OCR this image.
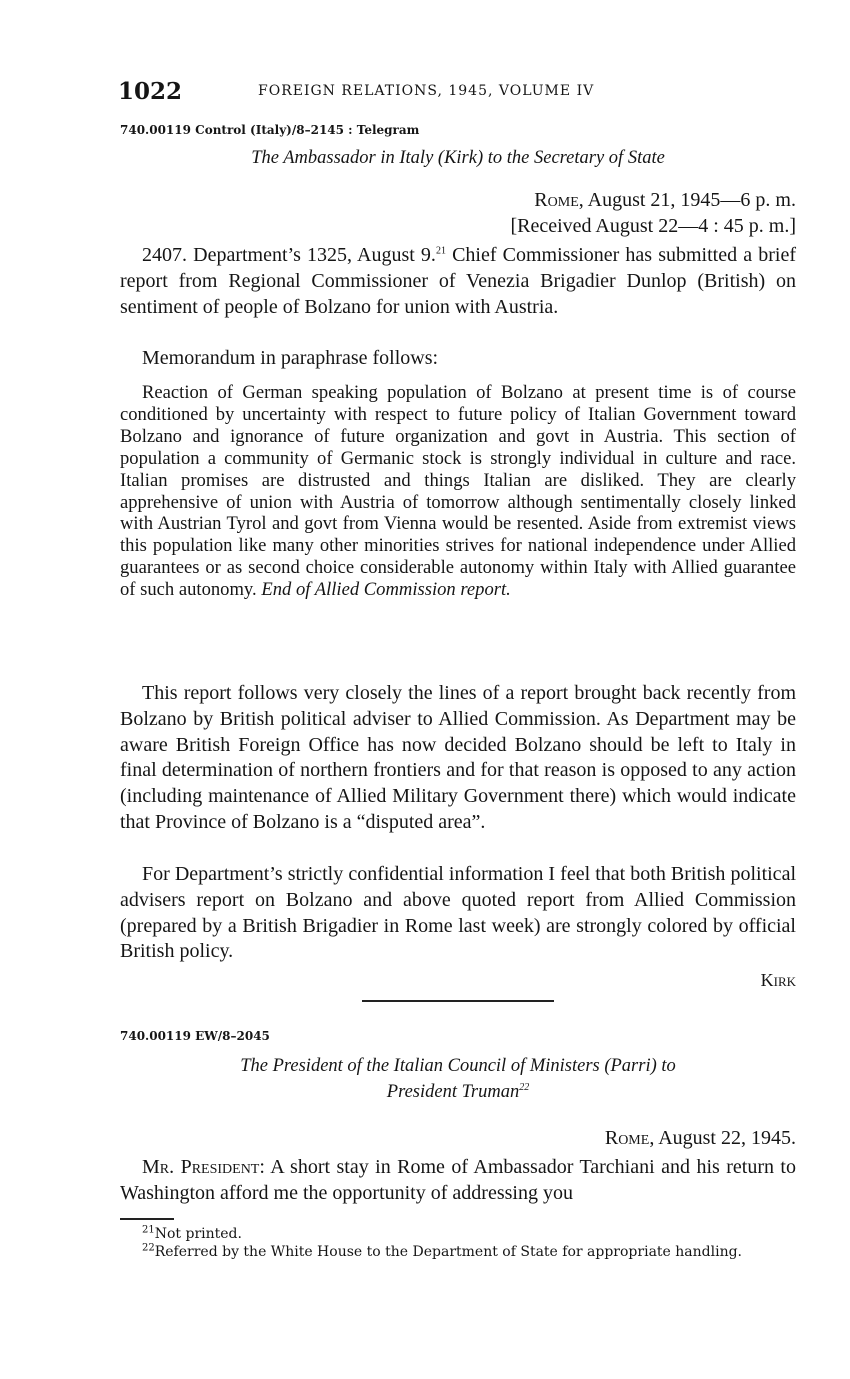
1022	FOREIGN RELATIONS, 1945, VOLUME IV
740.00119 Control (Italy)/8–2145 : Telegram
The Ambassador in Italy (Kirk) to the Secretary of State
Rome, August 21, 1945—6 p. m.
[Received August 22—4 : 45 p. m.]
2407. Department’s 1325, August 9.21 Chief Commissioner has submitted a brief report from Regional Commissioner of Venezia Brigadier Dunlop (British) on sentiment of people of Bolzano for union with Austria.
Memorandum in paraphrase follows:
Reaction of German speaking population of Bolzano at present time is of course conditioned by uncertainty with respect to future policy of Italian Government toward Bolzano and ignorance of future organization and govt in Austria. This section of population a community of Germanic stock is strongly individual in culture and race. Italian promises are distrusted and things Italian are disliked. They are clearly apprehensive of union with Austria of tomorrow although sentimentally closely linked with Austrian Tyrol and govt from Vienna would be resented. Aside from extremist views this population like many other minorities strives for national independence under Allied guarantees or as second choice considerable autonomy within Italy with Allied guarantee of such autonomy. End of Allied Commission report.
This report follows very closely the lines of a report brought back recently from Bolzano by British political adviser to Allied Commission. As Department may be aware British Foreign Office has now decided Bolzano should be left to Italy in final determination of northern frontiers and for that reason is opposed to any action (including maintenance of Allied Military Government there) which would indicate that Province of Bolzano is a “disputed area”.
For Department’s strictly confidential information I feel that both British political advisers report on Bolzano and above quoted report from Allied Commission (prepared by a British Brigadier in Rome last week) are strongly colored by official British policy.
Kirk
740.00119 EW/8–2045
The President of the Italian Council of Ministers (Parri) to
President Truman$^{22}$
Rome, August 22, 1945.
Mr. President: A short stay in Rome of Ambassador Tarchiani and his return to Washington afford me the opportunity of addressing you
$^{21}$Not printed.
$^{22}$Referred by the White House to the Department of State for appropriate handling.
